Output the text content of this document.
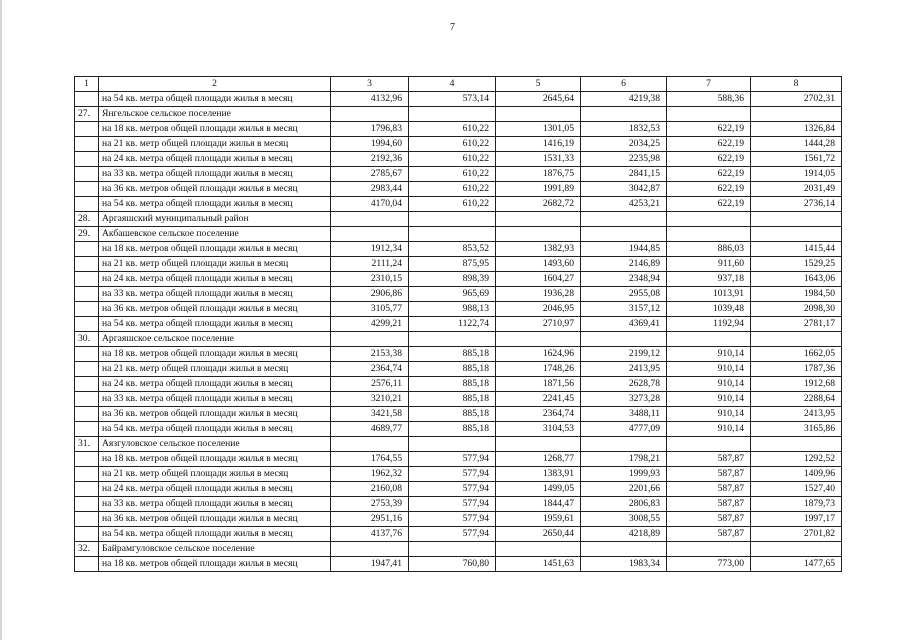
7
1	2	3	4	5	6	7	8
	на 54 кв. метра общей площади жилья в месяц	4132,96	573,14	2645,64	4219,38	588,36	2702,31
27.	Янгельское сельское поселение						
	на 18 кв. метров общей площади жилья в месяц	1796,83	610,22	1301,05	1832,53	622,19	1326,84
	на 21 кв. метр общей площади жилья в месяц	1994,60	610,22	1416,19	2034,25	622,19	1444,28
	на 24 кв. метра общей площади жилья в месяц	2192,36	610,22	1531,33	2235,98	622,19	1561,72
	на 33 кв. метра общей площади жилья в месяц	2785,67	610,22	1876,75	2841,15	622,19	1914,05
	на 36 кв. метров общей площади жилья в месяц	2983,44	610,22	1991,89	3042,87	622,19	2031,49
	на 54 кв. метра общей площади жилья в месяц	4170,04	610,22	2682,72	4253,21	622,19	2736,14
28.	Аргаяшский муниципальный район						
29.	Акбашевское сельское поселение						
	на 18 кв. метров общей площади жилья в месяц	1912,34	853,52	1382,93	1944,85	886,03	1415,44
	на 21 кв. метр общей площади жилья в месяц	2111,24	875,95	1493,60	2146,89	911,60	1529,25
	на 24 кв. метра общей площади жилья в месяц	2310,15	898,39	1604,27	2348,94	937,18	1643,06
	на 33 кв. метра общей площади жилья в месяц	2906,86	965,69	1936,28	2955,08	1013,91	1984,50
	на 36 кв. метров общей площади жилья в месяц	3105,77	988,13	2046,95	3157,12	1039,48	2098,30
	на 54 кв. метра общей площади жилья в месяц	4299,21	1122,74	2710,97	4369,41	1192,94	2781,17
30.	Аргаяшское сельское поселение						
	на 18 кв. метров общей площади жилья в месяц	2153,38	885,18	1624,96	2199,12	910,14	1662,05
	на 21 кв. метр общей площади жилья в месяц	2364,74	885,18	1748,26	2413,95	910,14	1787,36
	на 24 кв. метра общей площади жилья в месяц	2576,11	885,18	1871,56	2628,78	910,14	1912,68
	на 33 кв. метра общей площади жилья в месяц	3210,21	885,18	2241,45	3273,28	910,14	2288,64
	на 36 кв. метров общей площади жилья в месяц	3421,58	885,18	2364,74	3488,11	910,14	2413,95
	на 54 кв. метра общей площади жилья в месяц	4689,77	885,18	3104,53	4777,09	910,14	3165,86
31.	Аязгуловское сельское поселение						
	на 18 кв. метров общей площади жилья в месяц	1764,55	577,94	1268,77	1798,21	587,87	1292,52
	на 21 кв. метр общей площади жилья в месяц	1962,32	577,94	1383,91	1999,93	587,87	1409,96
	на 24 кв. метра общей площади жилья в месяц	2160,08	577,94	1499,05	2201,66	587,87	1527,40
	на 33 кв. метра общей площади жилья в месяц	2753,39	577,94	1844,47	2806,83	587,87	1879,73
	на 36 кв. метров общей площади жилья в месяц	2951,16	577,94	1959,61	3008,55	587,87	1997,17
	на 54 кв. метра общей площади жилья в месяц	4137,76	577,94	2650,44	4218,89	587,87	2701,82
32.	Байрамгуловское сельское поселение						
	на 18 кв. метров общей площади жилья в месяц	1947,41	760,80	1451,63	1983,34	773,00	1477,65
